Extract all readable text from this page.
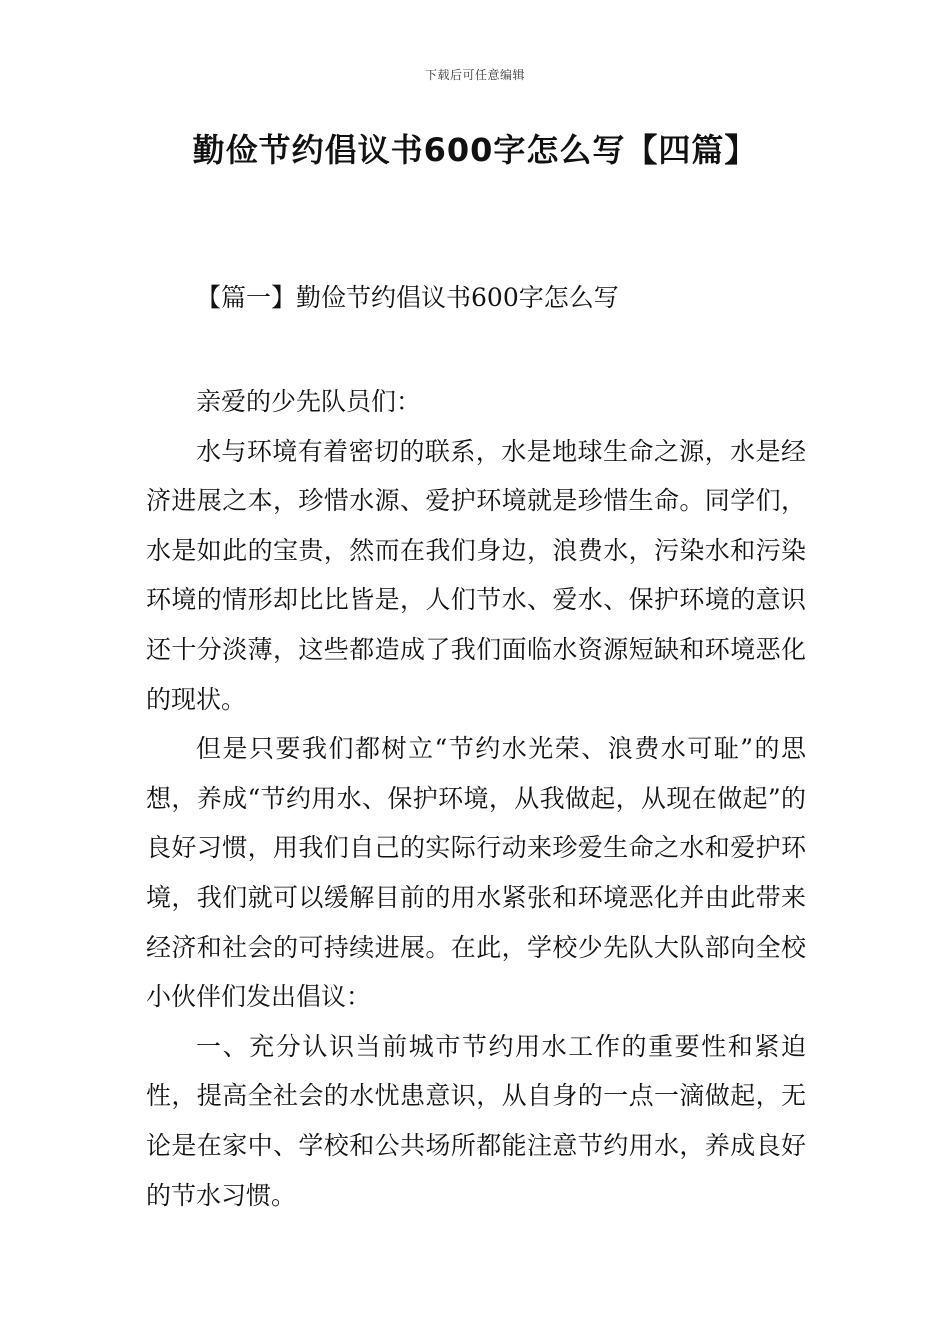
下载后可任意编辑
勤俭节约倡议书600字怎么写【四篇】
【篇一】勤俭节约倡议书600字怎么写

亲爱的少先队员们：

水与环境有着密切的联系，水是地球生命之源，水是经济进展之本，珍惜水源、爱护环境就是珍惜生命。同学们，水是如此的宝贵，然而在我们身边，浪费水，污染水和污染环境的情形却比比皆是，人们节水、爱水、保护环境的意识还十分淡薄，这些都造成了我们面临水资源短缺和环境恶化的现状。

但是只要我们都树立“节约水光荣、浪费水可耻”的思想，养成“节约用水、保护环境，从我做起，从现在做起”的良好习惯，用我们自己的实际行动来珍爱生命之水和爱护环境，我们就可以缓解目前的用水紧张和环境恶化并由此带来经济和社会的可持续进展。在此，学校少先队大队部向全校小伙伴们发出倡议：

一、充分认识当前城市节约用水工作的重要性和紧迫性，提高全社会的水忧患意识，从自身的一点一滴做起，无论是在家中、学校和公共场所都能注意节约用水，养成良好的节水习惯。
